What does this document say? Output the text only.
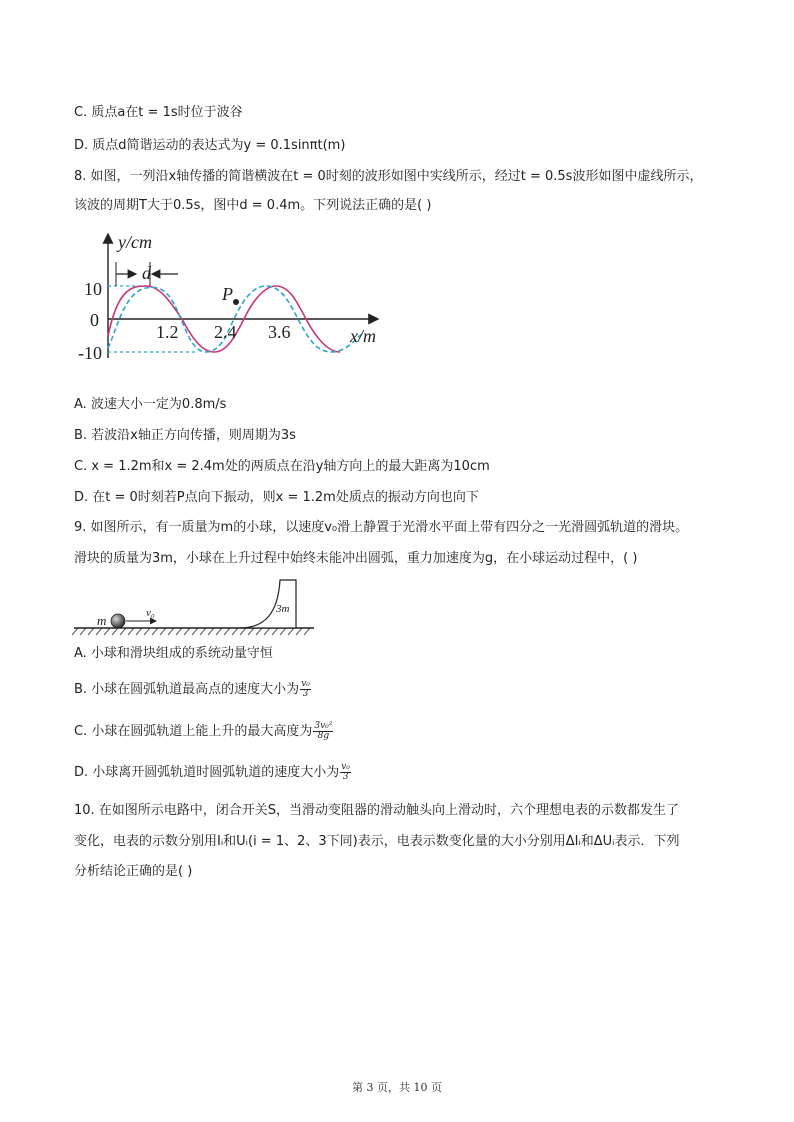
C. 质点a在t = 1s时位于波谷
D. 质点d简谐运动的表达式为y = 0.1sinπt(m)
8. 如图，一列沿x轴传播的简谐横波在t = 0时刻的波形如图中实线所示，经过t = 0.5s波形如图中虚线所示，
该波的周期T大于0.5s，图中d = 0.4m。下列说法正确的是( )
d
P
y/cm
x/m
10
0
-10
1.2 2.4 3.6
A. 波速大小一定为0.8m/s
B. 若波沿x轴正方向传播，则周期为3s
C. x = 1.2m和x = 2.4m处的两质点在沿y轴方向上的最大距离为10cm
D. 在t = 0时刻若P点向下振动，则x = 1.2m处质点的振动方向也向下
9. 如图所示，有一质量为m的小球，以速度v₀滑上静置于光滑水平面上带有四分之一光滑圆弧轨道的滑块。
滑块的质量为3m，小球在上升过程中始终未能冲出圆弧，重力加速度为g，在小球运动过程中，( )
m	v₀	3m
A. 小球和滑块组成的系统动量守恒
B. 小球在圆弧轨道最高点的速度大小为 $\frac{\text{v₀}}{3}$
C. 小球在圆弧轨道上能上升的最大高度为 $\frac{\text{3v₀²}}{8g}$
D. 小球离开圆弧轨道时圆弧轨道的速度大小为 $\frac{\text{v₀}}{3}$
10. 在如图所示电路中，闭合开关S，当滑动变阻器的滑动触头向上滑动时，六个理想电表的示数都发生了
变化，电表的示数分别用Iᵢ和Uᵢ(i = 1、2、3下同)表示，电表示数变化量的大小分别用ΔIᵢ和ΔUᵢ表示．下列
分析结论正确的是( )
第 3 页，共 10 页
